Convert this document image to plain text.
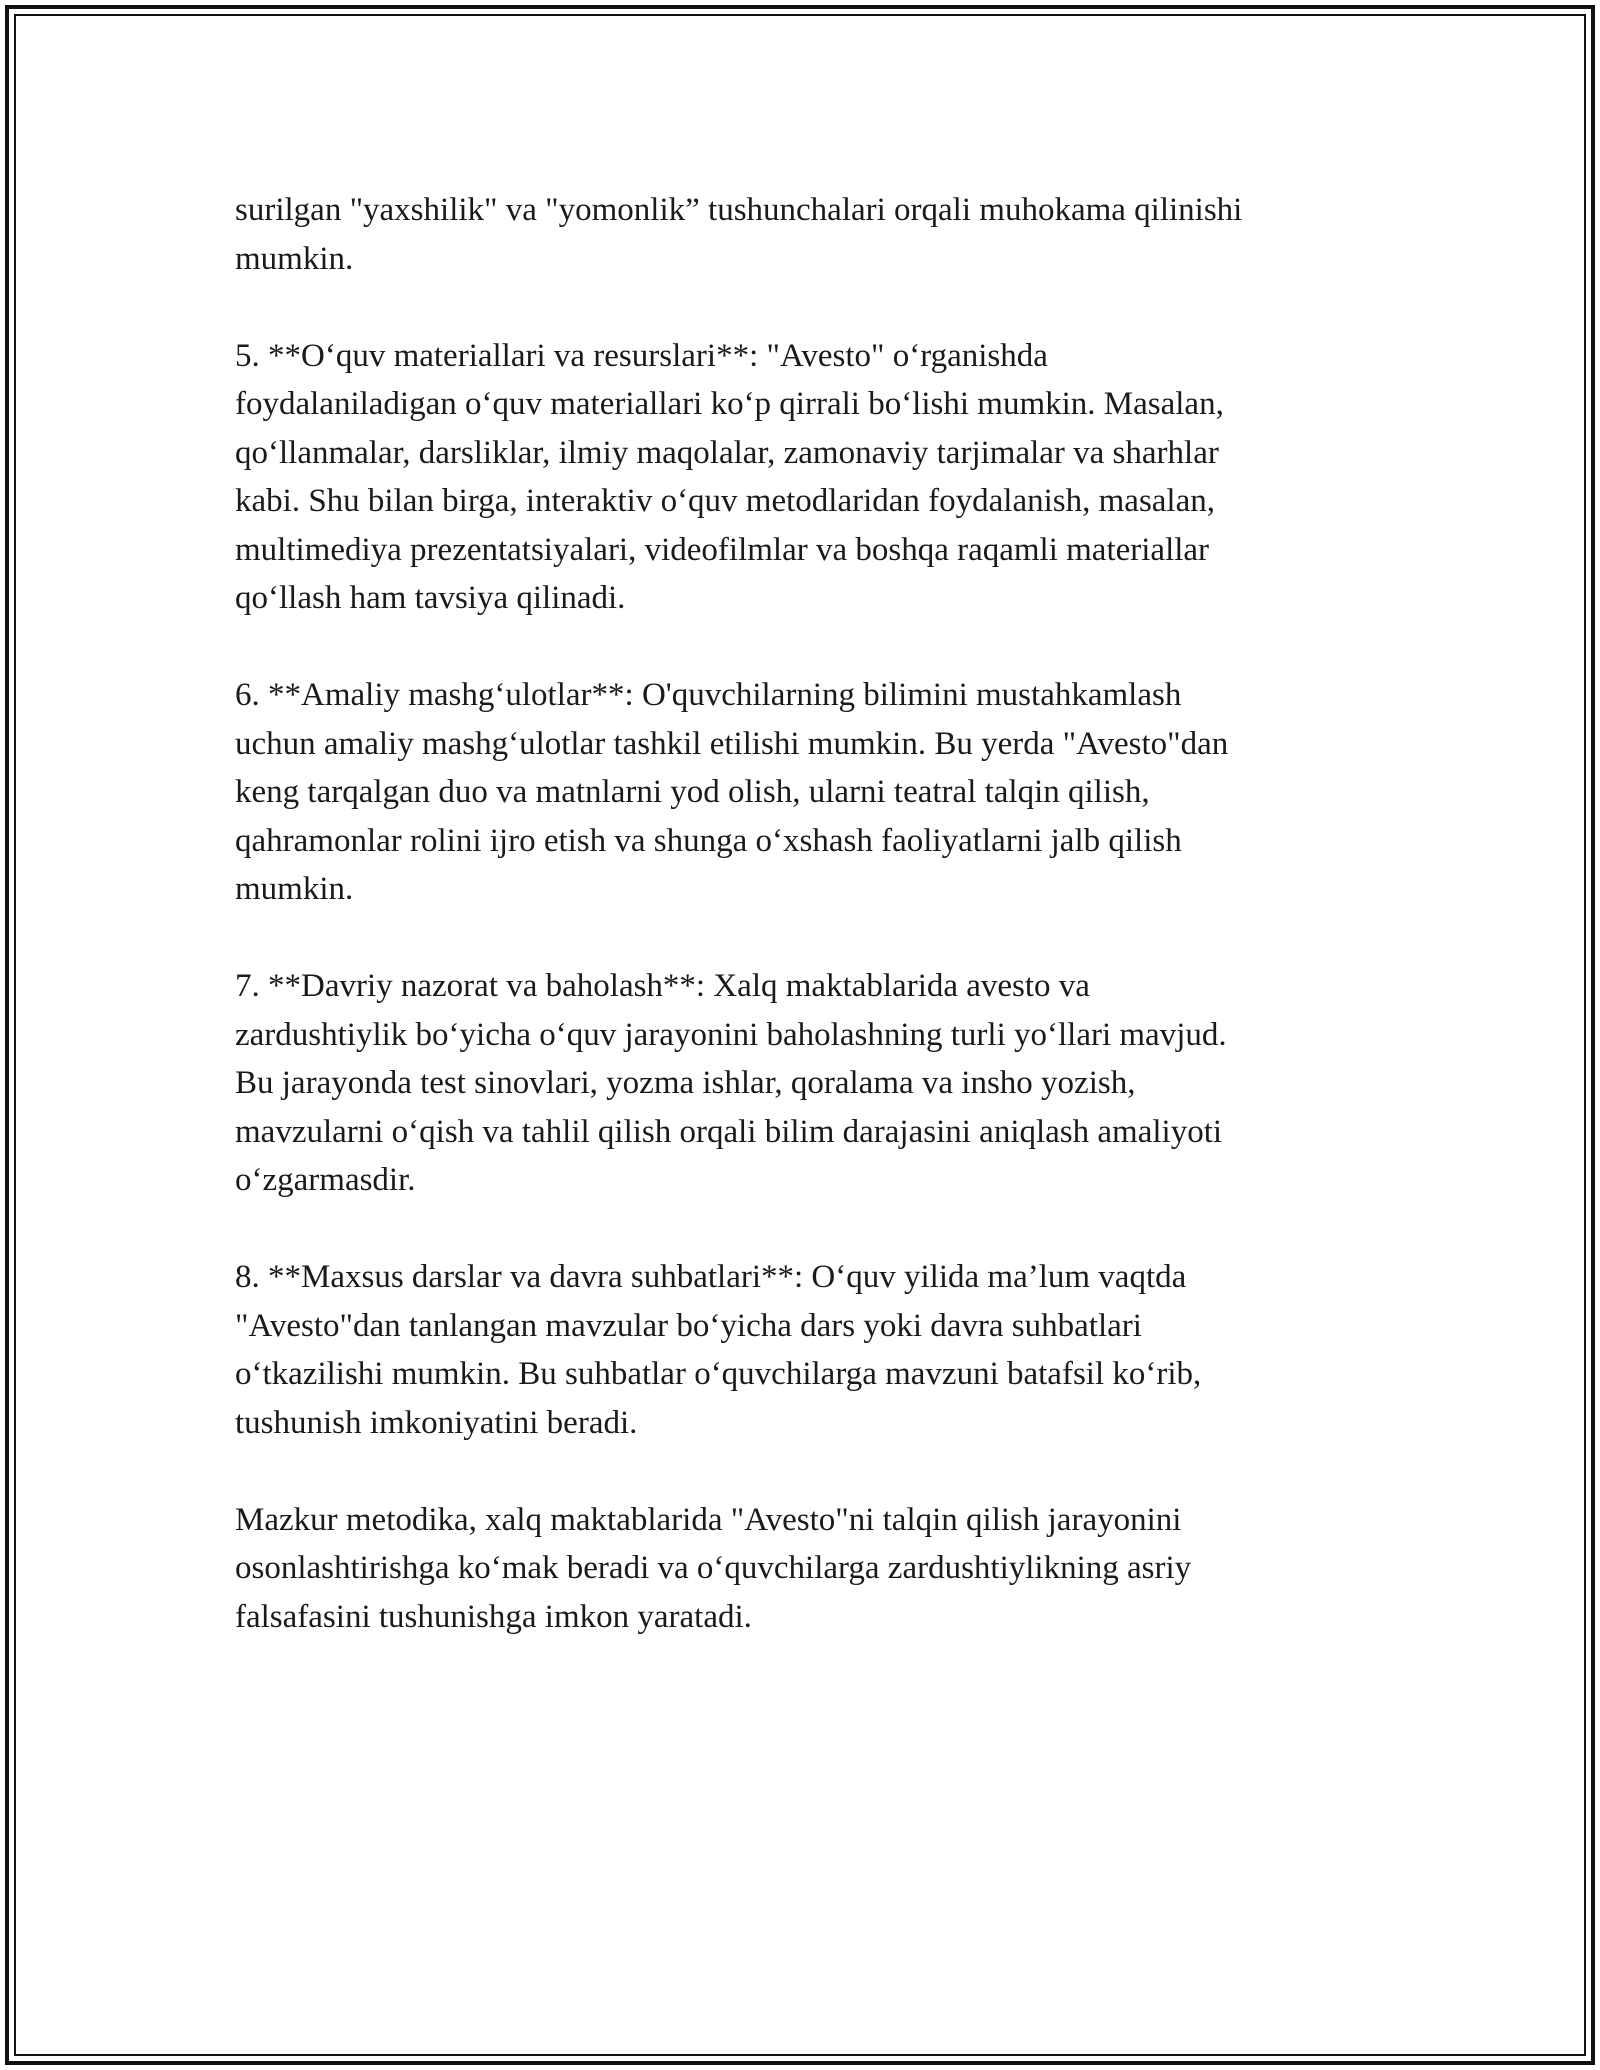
surilgan "yaxshilik" va "yomonlik” tushunchalari orqali muhokama qilinishi
mumkin.

5. **O‘quv materiallari va resurslari**: "Avesto" o‘rganishda
foydalaniladigan o‘quv materiallari ko‘p qirrali bo‘lishi mumkin. Masalan,
qo‘llanmalar, darsliklar, ilmiy maqolalar, zamonaviy tarjimalar va sharhlar
kabi. Shu bilan birga, interaktiv o‘quv metodlaridan foydalanish, masalan,
multimediya prezentatsiyalari, videofilmlar va boshqa raqamli materiallar
qo‘llash ham tavsiya qilinadi.

6. **Amaliy mashg‘ulotlar**: O'quvchilarning bilimini mustahkamlash
uchun amaliy mashg‘ulotlar tashkil etilishi mumkin. Bu yerda "Avesto"dan
keng tarqalgan duo va matnlarni yod olish, ularni teatral talqin qilish,
qahramonlar rolini ijro etish va shunga o‘xshash faoliyatlarni jalb qilish
mumkin.

7. **Davriy nazorat va baholash**: Xalq maktablarida avesto va
zardushtiylik bo‘yicha o‘quv jarayonini baholashning turli yo‘llari mavjud.
Bu jarayonda test sinovlari, yozma ishlar, qoralama va insho yozish,
mavzularni o‘qish va tahlil qilish orqali bilim darajasini aniqlash amaliyoti
o‘zgarmasdir.

8. **Maxsus darslar va davra suhbatlari**: O‘quv yilida ma’lum vaqtda
"Avesto"dan tanlangan mavzular bo‘yicha dars yoki davra suhbatlari
o‘tkazilishi mumkin. Bu suhbatlar o‘quvchilarga mavzuni batafsil ko‘rib,
tushunish imkoniyatini beradi.

Mazkur metodika, xalq maktablarida "Avesto"ni talqin qilish jarayonini
osonlashtirishga ko‘mak beradi va o‘quvchilarga zardushtiylikning asriy
falsafasini tushunishga imkon yaratadi.
